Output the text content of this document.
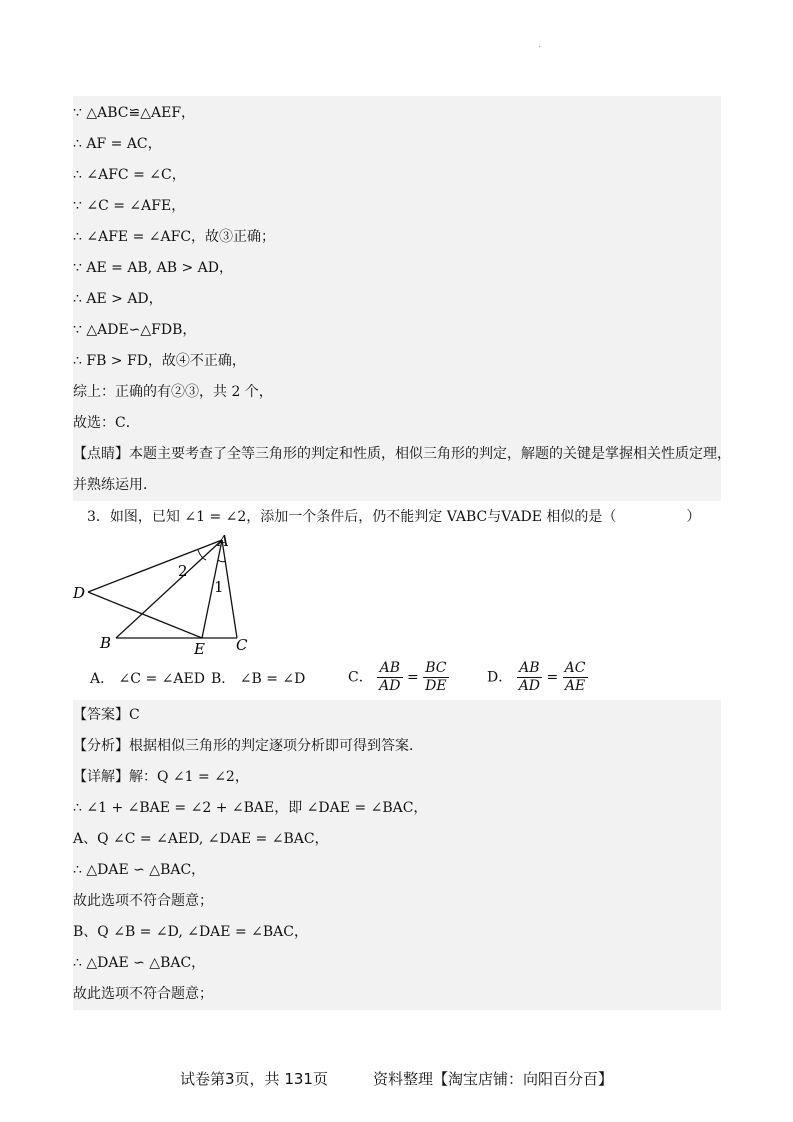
.
∵ △ABC≌△AEF，
∴ AF = AC，
∴ ∠AFC = ∠C，
∵ ∠C = ∠AFE，
∴ ∠AFE = ∠AFC，故③正确；
∵ AE = AB, AB > AD，
∴ AE > AD，
∵ △ADE∽△FDB，
∴ FB > FD，故④不正确，
综上：正确的有②③，共 2 个，
故选：C．
【点睛】本题主要考查了全等三角形的判定和性质，相似三角形的判定，解题的关键是掌握相关性质定理，
并熟练运用．
3．如图，已知 ∠1 = ∠2，添加一个条件后，仍不能判定 VABC与VADE 相似的是（　　　　　）
A
D
B	E C
2
1
A． ∠C = ∠AED B． ∠B = ∠D	C． $\frac{AB}{AD} = \frac{BC}{DE}$	D． $\frac{AB}{AD} = \frac{AC}{AE}$
【答案】C
【分析】根据相似三角形的判定逐项分析即可得到答案．
【详解】解：Q ∠1 = ∠2，
∴ ∠1 + ∠BAE = ∠2 + ∠BAE，即 ∠DAE = ∠BAC，
A、Q ∠C = ∠AED, ∠DAE = ∠BAC，
∴ △DAE ∽ △BAC，
故此选项不符合题意；
B、Q ∠B = ∠D, ∠DAE = ∠BAC，
∴ △DAE ∽ △BAC，
故此选项不符合题意；
试卷第3页，共 131页　　　资料整理【淘宝店铺：向阳百分百】
